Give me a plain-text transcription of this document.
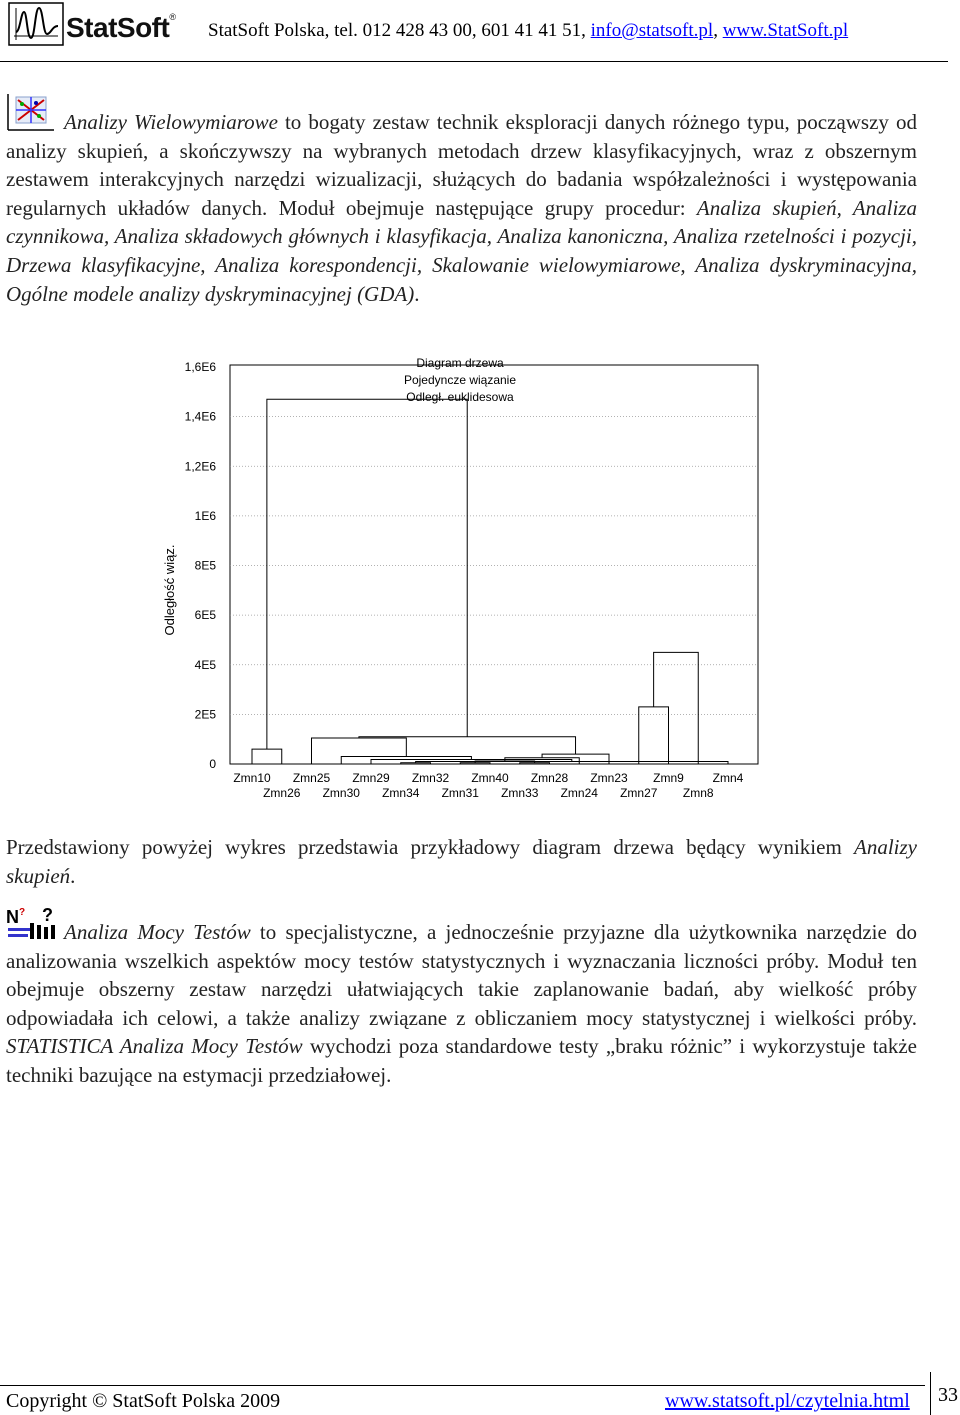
StatSoft®
StatSoft Polska, tel. 012 428 43 00, 601 41 41 51, info@statsoft.pl, www.StatSoft.pl
Analizy Wielowymiarowe to bogaty zestaw technik eksploracji danych różnego typu, począwszy od analizy skupień, a skończywszy na wybranych metodach drzew klasyfikacyjnych, wraz z obszernym zestawem interakcyjnych narzędzi wizualizacji, służących do badania współzależności i występowania regularnych układów danych. Moduł obejmuje następujące grupy procedur: Analiza skupień, Analiza czynnikowa, Analiza składowych głównych i klasyfikacja, Analiza kanoniczna, Analiza rzetelności i pozycji, Drzewa klasyfikacyjne, Analiza korespondencji, Skalowanie wielowymiarowe, Analiza dyskryminacyjna, Ogólne modele analizy dyskryminacyjnej (GDA).
0
2E5
4E5
6E5
8E5
1E6
1,2E6
1,4E6
1,6E6
Odległość wiąz.
Diagram drzewa
Pojedyncze wiązanie
Odległ. euklidesowa
Zmn10
Zmn26
Zmn25
Zmn30
Zmn29
Zmn34
Zmn32
Zmn31
Zmn40
Zmn33
Zmn28
Zmn24
Zmn23
Zmn27
Zmn9
Zmn8
Zmn4
Przedstawiony powyżej wykres przedstawia przykładowy diagram drzewa będący wynikiem Analizy skupień.
N ? ?
Analiza Mocy Testów to specjalistyczne, a jednocześnie przyjazne dla użytkownika narzędzie do analizowania wszelkich aspektów mocy testów statystycznych i wyznaczania liczności próby. Moduł ten obejmuje obszerny zestaw narzędzi ułatwiających takie zaplanowanie badań, aby wielkość próby odpowiadała ich celowi, a także analizy związane z obliczaniem mocy statystycznej i wielkości próby. STATISTICA Analiza Mocy Testów wychodzi poza standardowe testy „braku różnic” i wykorzystuje także techniki bazujące na estymacji przedziałowej.
Copyright © StatSoft Polska 2009	www.statsoft.pl/czytelnia.html 33
